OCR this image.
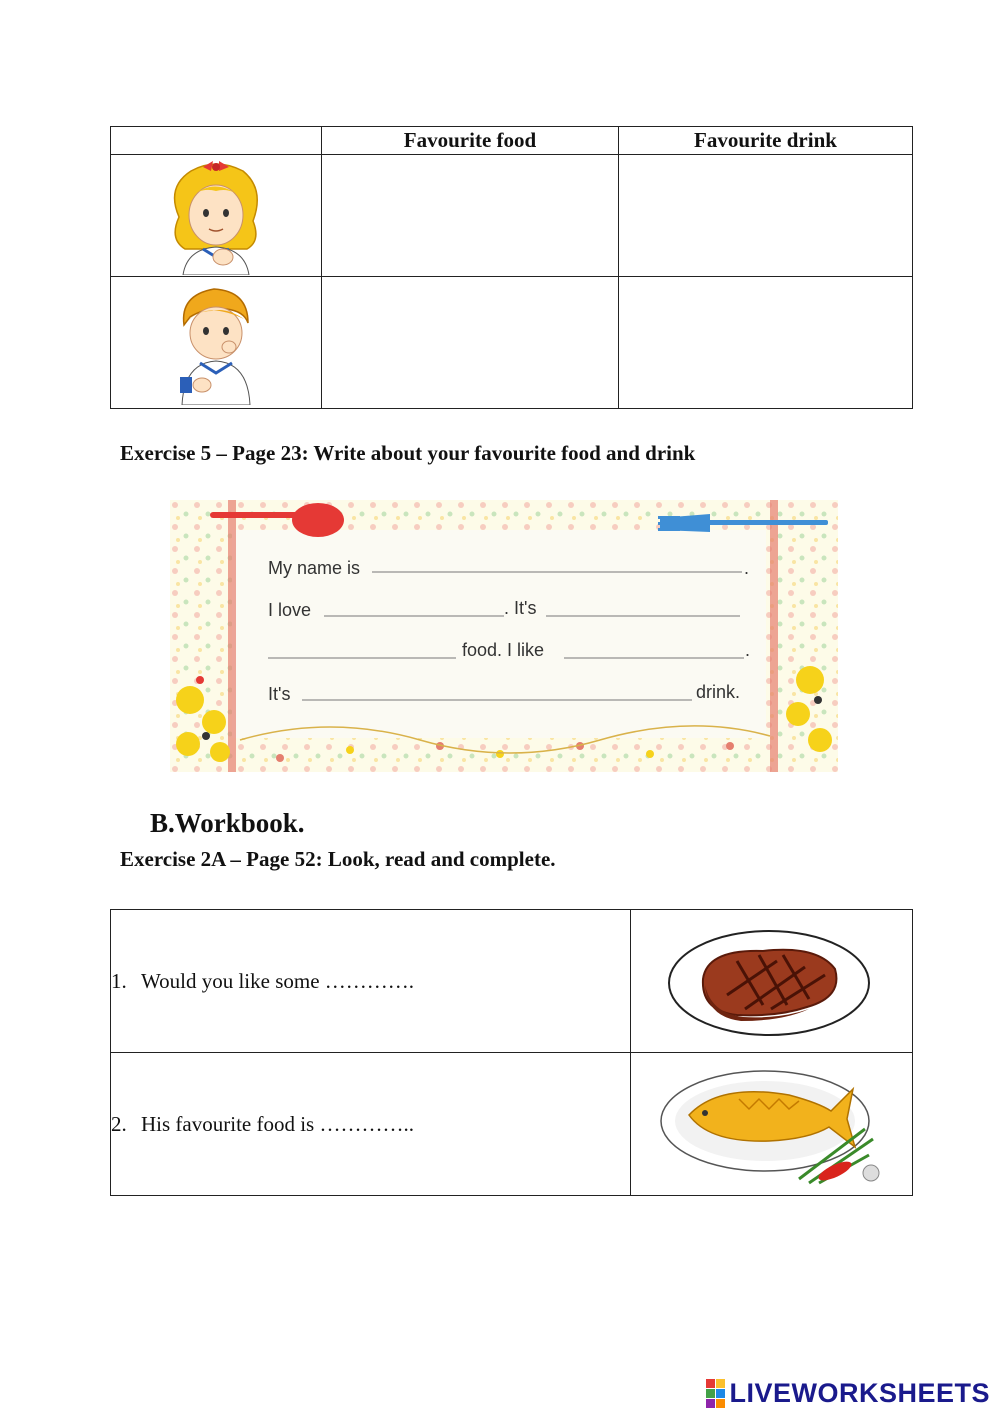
	Favourite food	Favourite drink

Exercise 5 – Page 23: Write about your favourite food and drink
My name is	.
I love	. It's
food. I like	.
It's	drink.
B.Workbook.
Exercise 2A – Page 52: Look, read and complete.
1. Would you like some ………….	

2. His favourite food is …………..	
LIVEWORKSHEETS
